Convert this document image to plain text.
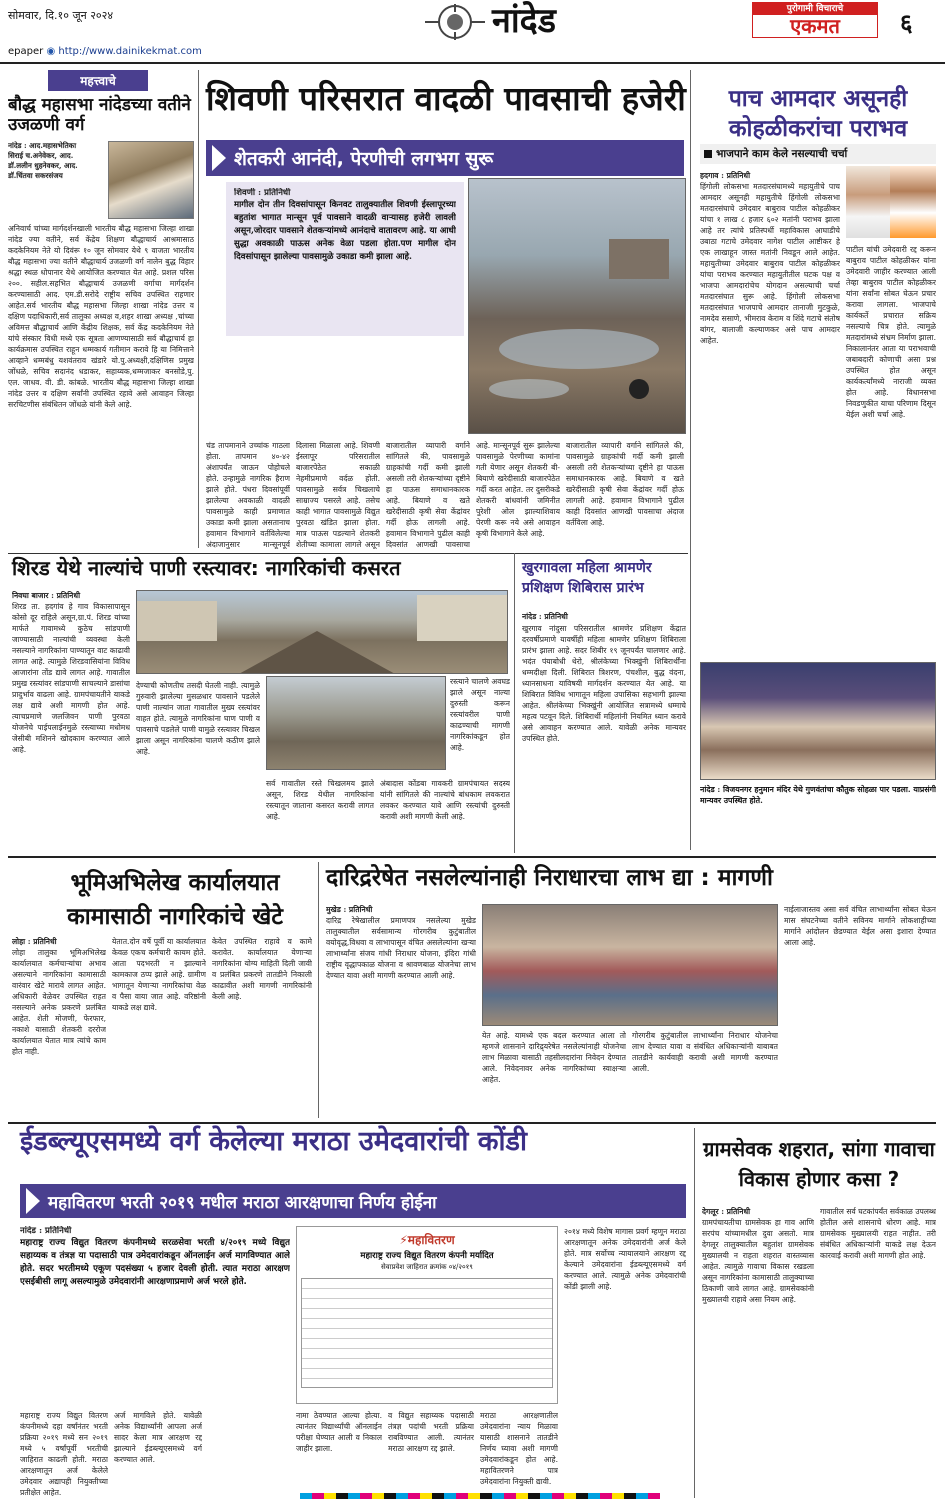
सोमवार, दि.१० जून २०२४	नांदेड	पुरोगामी विचाराचे
एकमत	६
epaper ◉ http://www.dainikekmat.com
महत्त्वाचे
बौद्ध महासभा नांदेडच्या वतीने उजळणी वर्ग
नांदेड : आद.महासभेतिका
सिराई च.अनेवेकर, आद.
डॉ.ललीन धुहनेवकर, आद.
डॉ.चिंतवा सकरसंजय
अनिवार्च चांच्या मार्गदर्शनखाली भारतीय बौद्ध महासभा जिल्हा शाखा नांदेड ज्या वतीने, सर्व केंद्रेय शिक्षण बौद्धाचार्य आश्रमासाठ कदकेनियम नेते यो दिवंरू १० जून सोमवार येथे ९ वाजता भारतीय बौद्ध महासभा ज्या वतीने बौद्धाचार्य उजळणी वर्ग नालेन बुद्ध विहार श्रद्धा स्थळ धोपानार येथे आयोजित करण्यात येत आहे. प्रशल परिस २००. सहील.सहभित बौद्धाचार्य उजळणी वर्गाचा मार्गदर्शन करण्यासाठी आद. एम.डी.सरोदे राष्ट्रीय सचिव उपस्थित राहणार आहेत.सर्व भारतीय बौद्ध महासभा जिल्हा शाखा नांदेड उत्तर व दक्षिण पदाधिकारी,सर्व तालुका अध्यक्ष व,शहर शाखा अध्यक्ष ,चांच्या अविमत्त बौद्धाचार्य आणि केंद्रीय शिक्षक, सर्व केंद्र कदकेनियम नेते यांचे संस्कार विधी मध्ये एक सूत्रता आणण्यासाठी सर्व बौद्धाचार्य हा कार्यक्रमास उपस्थित राहून धम्मकार्य गतीमान करावे हि या निमित्ताने आव्हाने धम्मबंधु यशवंतराव खंडारे यो.पु.अध्यक्षी,दक्षिणिस प्रमुख जोंधळे, सचिव सदानंद धडाकर, सहाय्यक,धम्मजाकर बनसोडे,पु. एल. जाधव. वी. डी. कांबळे. भारतीय बौद्ध महासभा जिल्हा शाखा नांदेड उत्तर व दक्षिण सर्वांनी उपस्थित रहावे असे आवाहन जिल्हा सरचिटणीस संबंधितन जोंधळे यांनी केले आहे.
शिवणी परिसरात वादळी पावसाची हजेरी
शेतकरी आनंदी, पेरणीची लगभग सुरू
शिवणी : प्रतिनिधी
मागील दोन तीन दिवसांपासून किनवट तालुक्यातील शिवणी ईस्लापूरच्या बहुतांश भागात मान्सून पूर्व पावसाने वादळी वाऱ्यासह हजेरी लावली असून,जोरदार पावसाने शेतकऱ्यांमध्ये आनंदाचे वातावरण आहे. या आधी सुद्धा अवकाळी पाऊस अनेक वेळा पडला होता.पण मागील दोन दिवसांपासून झालेल्या पावसामुळे उकाडा कमी झाला आहे.
चंड तापमानाने उच्चांक गाठला होता. तापमान ४०-४२ अंशापर्यंत जाऊन पोहोचले होते. उन्हामुळे नागरिक हैराण झाले होते. पंधरा दिवसांपूर्वी झालेल्या अवकाळी वादळी पावसामुळे काही प्रमाणात उकाडा कमी झाला असतानाच हवामान विभागाने वर्तविलेल्या अंदाजानुसार मान्सूनपूर्व
दिलासा मिळाला आहे. शिवणी ईस्लापूर परिसरातील बाजारपेठेत सकाळी नेहमीप्रमाणे वर्दळ होती. पावसामुळे सर्वत्र चिखलाचे साम्राज्य पसरले आहे. तसेच काही भागात पावसामुळे विद्युत पुरवठा खंडित झाला होता. मात्र पाऊस पडल्याने शेतकरी शेतीच्या कामाला लागले असून
बाजारातील व्यापारी वर्गाने सांगितले की, पावसामुळे ग्राहकांची गर्दी कमी झाली असली तरी शेतकऱ्यांच्या दृष्टीने हा पाऊस समाधानकारक आहे. बियाणे व खते खरेदीसाठी कृषी सेवा केंद्रांवर गर्दी होऊ लागली आहे. हवामान विभागाने पुढील काही दिवसांत आणखी पावसाचा
आहे. मान्सूनपूर्व सुरू झालेल्या पावसामुळे पेरणीच्या कामांना गती येणार असून शेतकरी बी-बियाणे खरेदीसाठी बाजारपेठेत गर्दी करत आहेत. तर दुसरीकडे शेतकरी बांधवांनी जमिनीत पुरेशी ओल झाल्याशिवाय पेरणी करू नये असे आवाहन कृषी विभागाने केले आहे.
बाजारातील व्यापारी वर्गाने सांगितले की, पावसामुळे ग्राहकांची गर्दी कमी झाली असली तरी शेतकऱ्यांच्या दृष्टीने हा पाऊस समाधानकारक आहे. बियाणे व खते खरेदीसाठी कृषी सेवा केंद्रांवर गर्दी होऊ लागली आहे. हवामान विभागाने पुढील काही दिवसांत आणखी पावसाचा अंदाज वर्तविला आहे.
पाच आमदार असूनही कोहळीकरांचा पराभव
भाजपाने काम केले नसल्याची चर्चा
हदगाव : प्रतिनिधी
हिंगोली लोकसभा मतदारसंघामध्ये महायुतीचे पाच आमदार असूनही महायुतीचे हिंगोली लोकसभा मतदारसंघाचे उमेदवार बाबुराव पाटील कोहळीकर यांचा १ लाख ८ हजार ६०२ मतांनी पराभव झाला आहे तर त्यांचे प्रतिस्पर्धी महाविकास आघाडीचे उबाठा गटाचे उमेदवार नागेश पाटील आष्टीकर हे एक लाखाहून जास्त मतांनी निवडून आले आहेत. महायुतीच्या उमेदवार बाबुराव पाटील कोहळीकर यांचा पराभव करण्यात महायुतीतील घटक पक्ष व भाजपा आमदारांचेच योगदान असल्याची चर्चा मतदारसंघात सुरू आहे. हिंगोली लोकसभा मतदारसंघात भाजपाचे आमदार तानाजी मुटकुळे, नामदेव ससाणे, भीमराव केराम व शिंदे गटाचे संतोष बांगर, बालाजी कल्याणकर असे पाच आमदार आहेत.
पाटील यांची उमेदवारी रद्द करून बाबुराव पाटील कोहळीकर यांना उमेदवारी जाहीर करण्यात आली तेव्हा बाबुराव पाटील कोहळीकर यांना सर्वांना सोबत घेऊन प्रचार करावा लागला. भाजपाचे कार्यकर्ते प्रचारात सक्रिय नसल्याचे चित्र होते. त्यामुळे मतदारांमध्ये संभ्रम निर्माण झाला. निकालानंतर आता या पराभवाची जबाबदारी कोणाची असा प्रश्न उपस्थित होत असून कार्यकर्त्यांमध्ये नाराजी व्यक्त होत आहे. विधानसभा निवडणुकीत याचा परिणाम दिसून येईल अशी चर्चा आहे.
शिरड येथे नाल्यांचे पाणी रस्त्यावर: नागरिकांची कसरत
निवघा बाजार : प्रतिनिधी
शिरड ता. हदगांव हे गाव विकासापासून कोसो दूर राहिले असून,ग्रा.पं. शिरड यांच्या मार्फते गावामध्ये कुठेच सांडपाणी जाण्यासाठी नाल्यांची व्यवस्था केली नसल्याने नागरिकांना पाण्यातून वाट काढावी लागत आहे. त्यामुळे शिरडवासियांना विविध आजारांना तोंड द्यावे लागत आहे. गावातील प्रमुख रस्त्यांवर सांडपाणी साचल्याने डासांचा प्रादुर्भाव वाढला आहे. ग्रामपंचायतीने याकडे लक्ष द्यावे अशी मागणी होत आहे. त्याचप्रमाणे जलजिवन पाणी पुरवठा योजनेचे पाईपलाईनमुळे रस्त्याच्या मधोमध जेसीबी मशिनने खोदकाम करण्यात आले आहे.
देण्याची कोणतीच तसदी घेतली नाही. त्यामुळे गुरुवारी झालेल्या मुसळधार पावसाने पडलेले पाणी नाल्यांन जाता गावातील मुख्य रस्त्यांवर वाहत होते. त्यामुळे नागरिकांना घाण पाणी व पावसाचे पडलेले पाणी यामुळे रस्त्यावर चिखल झाला असून नागरिकांना चालणे कठीण झाले आहे.
रस्त्याने चालणे अवघड झाले असून नाल्या दुरुस्ती करून रस्त्यांवरील पाणी काढण्याची मागणी नागरिकांकडून होत आहे.
सर्व गावातील रस्ते चिखलमय झाले असून, शिरड येथील नागरिकांना रस्त्यातून जाताना कसरत करावी लागत आहे.
अंबादास कोंडबा गावकरी ग्रामपंचायत सदस्य यांनी सांगितले की नाल्यांचे बांधकाम लवकरात लवकर करण्यात यावे आणि रस्त्यांची दुरुस्ती करावी अशी मागणी केली आहे.
खुरगावला महिला श्रामणेर प्रशिक्षण शिबिरास प्रारंभ
नांदेड : प्रतिनिधी
खुरगाव नांदुसा परिसरातील श्रामणेर प्रशिक्षण केंद्रात दरवर्षीप्रमाणे यावर्षीही महिला श्रामणेर प्रशिक्षण शिबिराला प्रारंभ झाला आहे. सदर शिबीर १९ जूनपर्यंत चालणार आहे. भदंत पंयाबोधी थेरो, श्रीलंकेच्या भिक्खुंनी शिबिरार्थींना धम्मदीक्षा दिली. शिबिरात त्रिशरण, पंचशील, बुद्ध वंदना, ध्यानसाधना याविषयी मार्गदर्शन करण्यात येत आहे. या शिबिरात विविध भागातून महिला उपासिका सहभागी झाल्या आहेत. श्रीलंकेच्या भिक्खुंनी आयोजित सत्रामध्ये धम्माचे महत्व पटवून दिले. शिबिरार्थी महिलांनी नियमित ध्यान करावे असे आवाहन करण्यात आले. यावेळी अनेक मान्यवर उपस्थित होते.
नांदेड : विजयनगर हनुमान मंदिर येथे गुणवंतांचा कौतुक सोहळा पार पडला. याप्रसंगी मान्यवर उपस्थित होते.
भूमिअभिलेख कार्यालयात कामासाठी नागरिकांचे खेटे
लोहा : प्रतिनिधी
लोहा तालुका भूमिअभिलेख कार्यालयात कर्मचाऱ्यांचा अभाव असल्याने नागरिकांना कामासाठी वारंवार खेटे मारावे लागत आहेत. अधिकारी वेळेवर उपस्थित राहत नसल्याने अनेक प्रकरणे प्रलंबित आहेत. शेती मोजणी, फेरफार, नकाशे यासाठी शेतकरी दररोज कार्यालयात येतात मात्र त्यांचे काम होत नाही.
येतात.दोन वर्षे पूर्वी या कार्यालयात केवळ एकच कर्मचारी कायम होते. आता पदभरती न झाल्याने कामकाज ठप्प झाले आहे. ग्रामीण भागातून येणाऱ्या नागरिकांचा वेळ व पैसा वाया जात आहे. वरिष्ठांनी याकडे लक्ष द्यावे.
केवेत उपस्थित राहावे व कामे करावेत. कार्यालयात येणाऱ्या नागरिकांना योग्य माहिती दिली जावी व प्रलंबित प्रकरणे तातडीने निकाली काढावीत अशी मागणी नागरिकांनी केली आहे.
दारिद्ररेषेत नसलेल्यांनाही निराधारचा लाभ द्या : मागणी
मुखेड : प्रतिनिधी
दारिद्र रेषेखालील प्रमाणपत्र नसलेल्या मुखेड तालुक्यातील सर्वसामान्य गोरगरीब कुटुंबातील वयोवृद्ध,विधवा व लाभापासून वंचित असलेल्यांना खऱ्या लाभार्थ्यांना संजय गांधी निराधार योजना, इंदिरा गांधी राष्ट्रीय वृद्धापकाळ योजना व श्रावणबाळ योजनेचा लाभ देण्यात यावा अशी मागणी करण्यात आली आहे.
नाईलाजास्तव असा सर्व वंचित लाभार्थ्यांना सोबत घेऊन मास संघटनेच्या वतीने सविनय मार्गाने लोकशाहीच्या मार्गाने आंदोलन छेडण्यात येईल असा इशारा देण्यात आला आहे.
येत आहे. यामध्ये एक बदल करण्यात आला तो म्हणजे शासनाने दारिद्र्यरेषेत नसलेल्यांनाही योजनेचा लाभ मिळावा यासाठी तहसीलदारांना निवेदन देण्यात आले. निवेदनावर अनेक नागरिकांच्या स्वाक्षऱ्या आहेत.
गोरगरीब कुटुंबातील लाभार्थ्यांना निराधार योजनेचा लाभ देण्यात यावा व संबंधित अधिकाऱ्यांनी याबाबत तातडीने कार्यवाही करावी अशी मागणी करण्यात आली.
ईडब्ल्यूएसमध्ये वर्ग केलेल्या मराठा उमेदवारांची कोंडी
महावितरण भरती २०१९ मधील मराठा आरक्षणाचा निर्णय होईना
नांदेड : प्रतिनिधी
महाराष्ट्र राज्य विद्युत वितरण कंपनीमध्ये सरळसेवा भरती ४/२०१९ मध्ये विद्युत सहाय्यक व तंत्रज्ञ या पदासाठी पात्र उमेदवारांकडून ऑनलाईन अर्ज मागविण्यात आले होते. सदर भरतीमध्ये एकूण पदसंख्या ५ हजार देवली होती. त्यात मराठा आरक्षण एसईबीसी लागू असल्यामुळे उमेदवारांनी आरक्षणाप्रमाणे अर्ज भरले होते.
⚡महावितरण
महाराष्ट्र राज्य विद्युत वितरण कंपनी मर्यादित
सेवाप्रवेश जाहिरात क्रमांक ०४/२०१९
महाराष्ट्र राज्य विद्युत वितरण कंपनीमध्ये दहा वर्षांनंतर भरती प्रक्रिया २०१९ मध्ये सन २०१९ मध्ये ५ वर्षांपूर्वी भरतीची जाहिरात काढली होती. मराठा आरक्षणातून अर्ज केलेले उमेदवार अद्यापही नियुक्तीच्या प्रतीक्षेत आहेत.
अर्ज मागविले होते. यावेळी अनेक विद्यार्थ्यांनी आपला अर्ज सादर केला मात्र आरक्षण रद्द झाल्याने ईडब्ल्यूएसमध्ये वर्ग करण्यात आले.
नामा ठेवण्यात आल्या होत्या. त्यानंतर विद्यार्थ्यांची ऑनलाईन परीक्षा घेण्यात आली व निकाल जाहीर झाला.
व विद्युत सहाय्यक पदासाठी तंत्रज्ञ पदांची भरती प्रक्रिया राबविण्यात आली. त्यानंतर मराठा आरक्षण रद्द झाले.
२०१४ मध्ये विशेष मागास प्रवर्ग म्हणून मराठा आरक्षणातून अनेक उमेदवारांनी अर्ज केले होते. मात्र सर्वोच्च न्यायालयाने आरक्षण रद्द केल्याने उमेदवारांना ईडब्ल्यूएसमध्ये वर्ग करण्यात आले. त्यामुळे अनेक उमेदवारांची कोंडी झाली आहे.
मराठा आरक्षणातील उमेदवारांना न्याय मिळावा यासाठी शासनाने तातडीने निर्णय घ्यावा अशी मागणी उमेदवारांकडून होत आहे. महावितरणने पात्र उमेदवारांना नियुक्ती द्यावी.
ग्रामसेवक शहरात, सांगा गावाचा विकास होणार कसा ?
देगलूर : प्रतिनिधी
ग्रामपंचायतीचा ग्रामसेवक हा गाव आणि सरपंच यांच्यामधील दुवा असतो. मात्र देगलूर तालुक्यातील बहुतांश ग्रामसेवक मुख्यालयी न राहता शहरात वास्तव्यास आहेत. त्यामुळे गावाचा विकास रखडला असून नागरिकांना कामासाठी तालुक्याच्या ठिकाणी जावे लागत आहे. ग्रामसेवकांनी मुख्यालयी राहावे असा नियम आहे.
गावातील सर्व घटकांपर्यंत सर्वकाळ उपलब्ध होतील असे शासनाचे धोरण आहे. मात्र ग्रामसेवक मुख्यालयी राहत नाहीत. तरी संबंधित अधिकाऱ्यांनी याकडे लक्ष देऊन कारवाई करावी अशी मागणी होत आहे.
